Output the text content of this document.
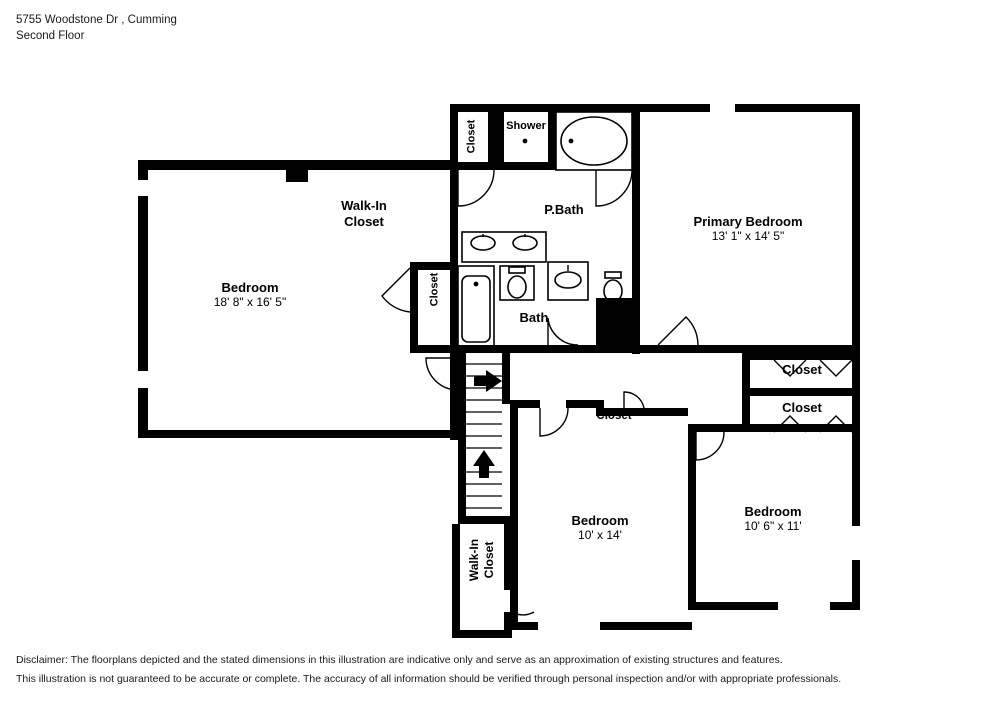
5755 Woodstone Dr , Cumming
Second Floor
Bedroom
18' 8" x 16' 5"
Walk-In
Closet
Closet	Shower
P.Bath
Primary Bedroom
13' 1" x 14' 5"
Closet
Bath
Closet
Closet
Closet
Bedroom
10' x 14'
Bedroom
10' 6" x 11'
Walk-In Closet
Disclaimer: The floorplans depicted and the stated dimensions in this illustration are indicative only and serve as an approximation of existing structures and features.
This illustration is not guaranteed to be accurate or complete. The accuracy of all information should be verified through personal inspection and/or with appropriate professionals.
